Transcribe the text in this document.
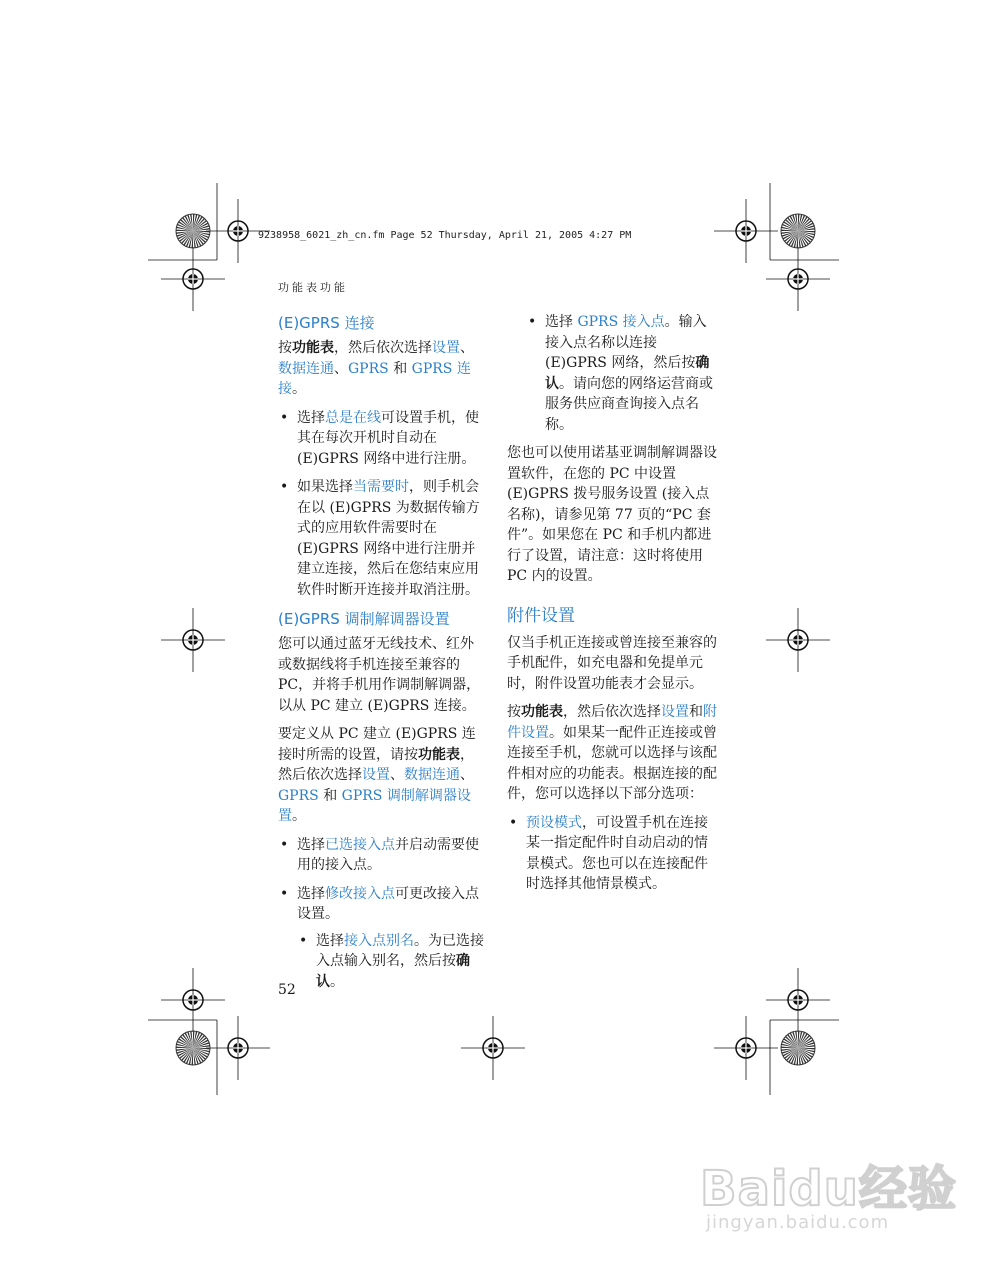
9238958_6021_zh_cn.fm Page 52 Thursday, April 21, 2005 4:27 PM
功能表功能
(E)GPRS 连接

按功能表，然后依次选择设置、数据连通、GPRS 和 GPRS 连接。

• 选择总是在线可设置手机，使其在每次开机时自动在 (E)GPRS 网络中进行注册。
• 如果选择当需要时，则手机会在以 (E)GPRS 为数据传输方式的应用软件需要时在 (E)GPRS 网络中进行注册并建立连接，然后在您结束应用软件时断开连接并取消注册。
(E)GPRS 调制解调器设置

您可以通过蓝牙无线技术、红外或数据线将手机连接至兼容的 PC，并将手机用作调制解调器，以从 PC 建立 (E)GPRS 连接。

要定义从 PC 建立 (E)GPRS 连接时所需的设置，请按功能表，然后依次选择设置、数据连通、GPRS 和 GPRS 调制解调器设置。

• 选择已选接入点并启动需要使用的接入点。
• 选择修改接入点可更改接入点设置。
• 选择接入点别名。为已选接入点输入别名，然后按确认。
• 选择 GPRS 接入点。输入接入点名称以连接 (E)GPRS 网络，然后按确认。请向您的网络运营商或服务供应商查询接入点名称。

您也可以使用诺基亚调制解调器设置软件，在您的 PC 中设置 (E)GPRS 拨号服务设置 (接入点名称)，请参见第 77 页的“PC 套件”。如果您在 PC 和手机内都进行了设置，请注意：这时将使用 PC 内的设置。

附件设置

仅当手机正连接或曾连接至兼容的手机配件，如充电器和免提单元时，附件设置功能表才会显示。

按功能表，然后依次选择设置和附件设置。如果某一配件正连接或曾连接至手机，您就可以选择与该配件相对应的功能表。根据连接的配件，您可以选择以下部分选项：

• 预设模式，可设置手机在连接某一指定配件时自动启动的情景模式。您也可以在连接配件时选择其他情景模式。
52
Baidu经验
jingyan.baidu.com
